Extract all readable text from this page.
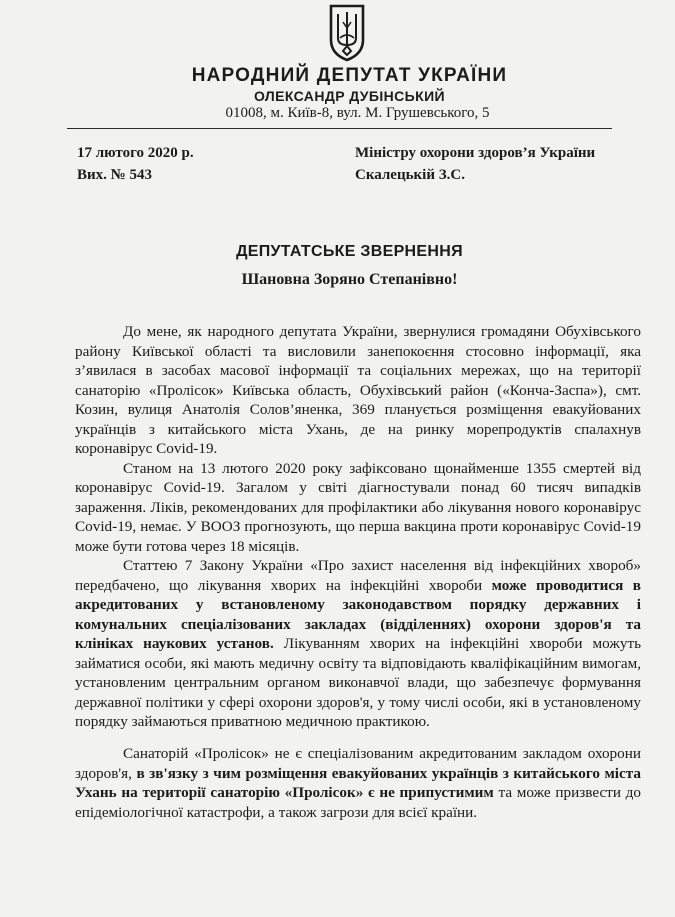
НАРОДНИЙ ДЕПУТАТ УКРАЇНИ
ОЛЕКСАНДР ДУБІНСЬКИЙ
01008, м. Київ-8, вул. М. Грушевського, 5
17 лютого 2020 р.
Вих. № 543
Міністру охорони здоров’я України
Скалецькій З.С.
ДЕПУТАТСЬКЕ ЗВЕРНЕННЯ
Шановна Зоряно Степанівно!

До мене, як народного депутата України, звернулися громадяни Обухівського району Київської області та висловили занепокоєння стосовно інформації, яка з’явилася в засобах масової інформації та соціальних мережах, що на території санаторію «Пролісок» Київська область, Обухівський район («Конча-Заспа»), смт. Козин, вулиця Анатолія Солов’яненка, 369 планується розміщення евакуйованих українців з китайського міста Ухань, де на ринку морепродуктів спалахнув коронавірус Covid-19.

Станом на 13 лютого 2020 року зафіксовано щонайменше 1355 смертей від коронавірус Covid-19. Загалом у світі діагностували понад 60 тисяч випадків зараження. Ліків, рекомендованих для профілактики або лікування нового коронавірус Covid-19, немає. У ВООЗ прогнозують, що перша вакцина проти коронавірус Covid-19 може бути готова через 18 місяців.

Статтею 7 Закону України «Про захист населення від інфекційних хвороб» передбачено, що лікування хворих на інфекційні хвороби може проводитися в акредитованих у встановленому законодавством порядку державних і комунальних спеціалізованих закладах (відділеннях) охорони здоров'я та клініках наукових установ. Лікуванням хворих на інфекційні хвороби можуть займатися особи, які мають медичну освіту та відповідають кваліфікаційним вимогам, установленим центральним органом виконавчої влади, що забезпечує формування державної політики у сфері охорони здоров'я, у тому числі особи, які в установленому порядку займаються приватною медичною практикою.

Санаторій «Пролісок» не є спеціалізованим акредитованим закладом охорони здоров'я, в зв'язку з чим розміщення евакуйованих українців з китайського міста Ухань на території санаторію «Пролісок» є не припустимим та може призвести до епідеміологічної катастрофи, а також загрози для всієї країни.
